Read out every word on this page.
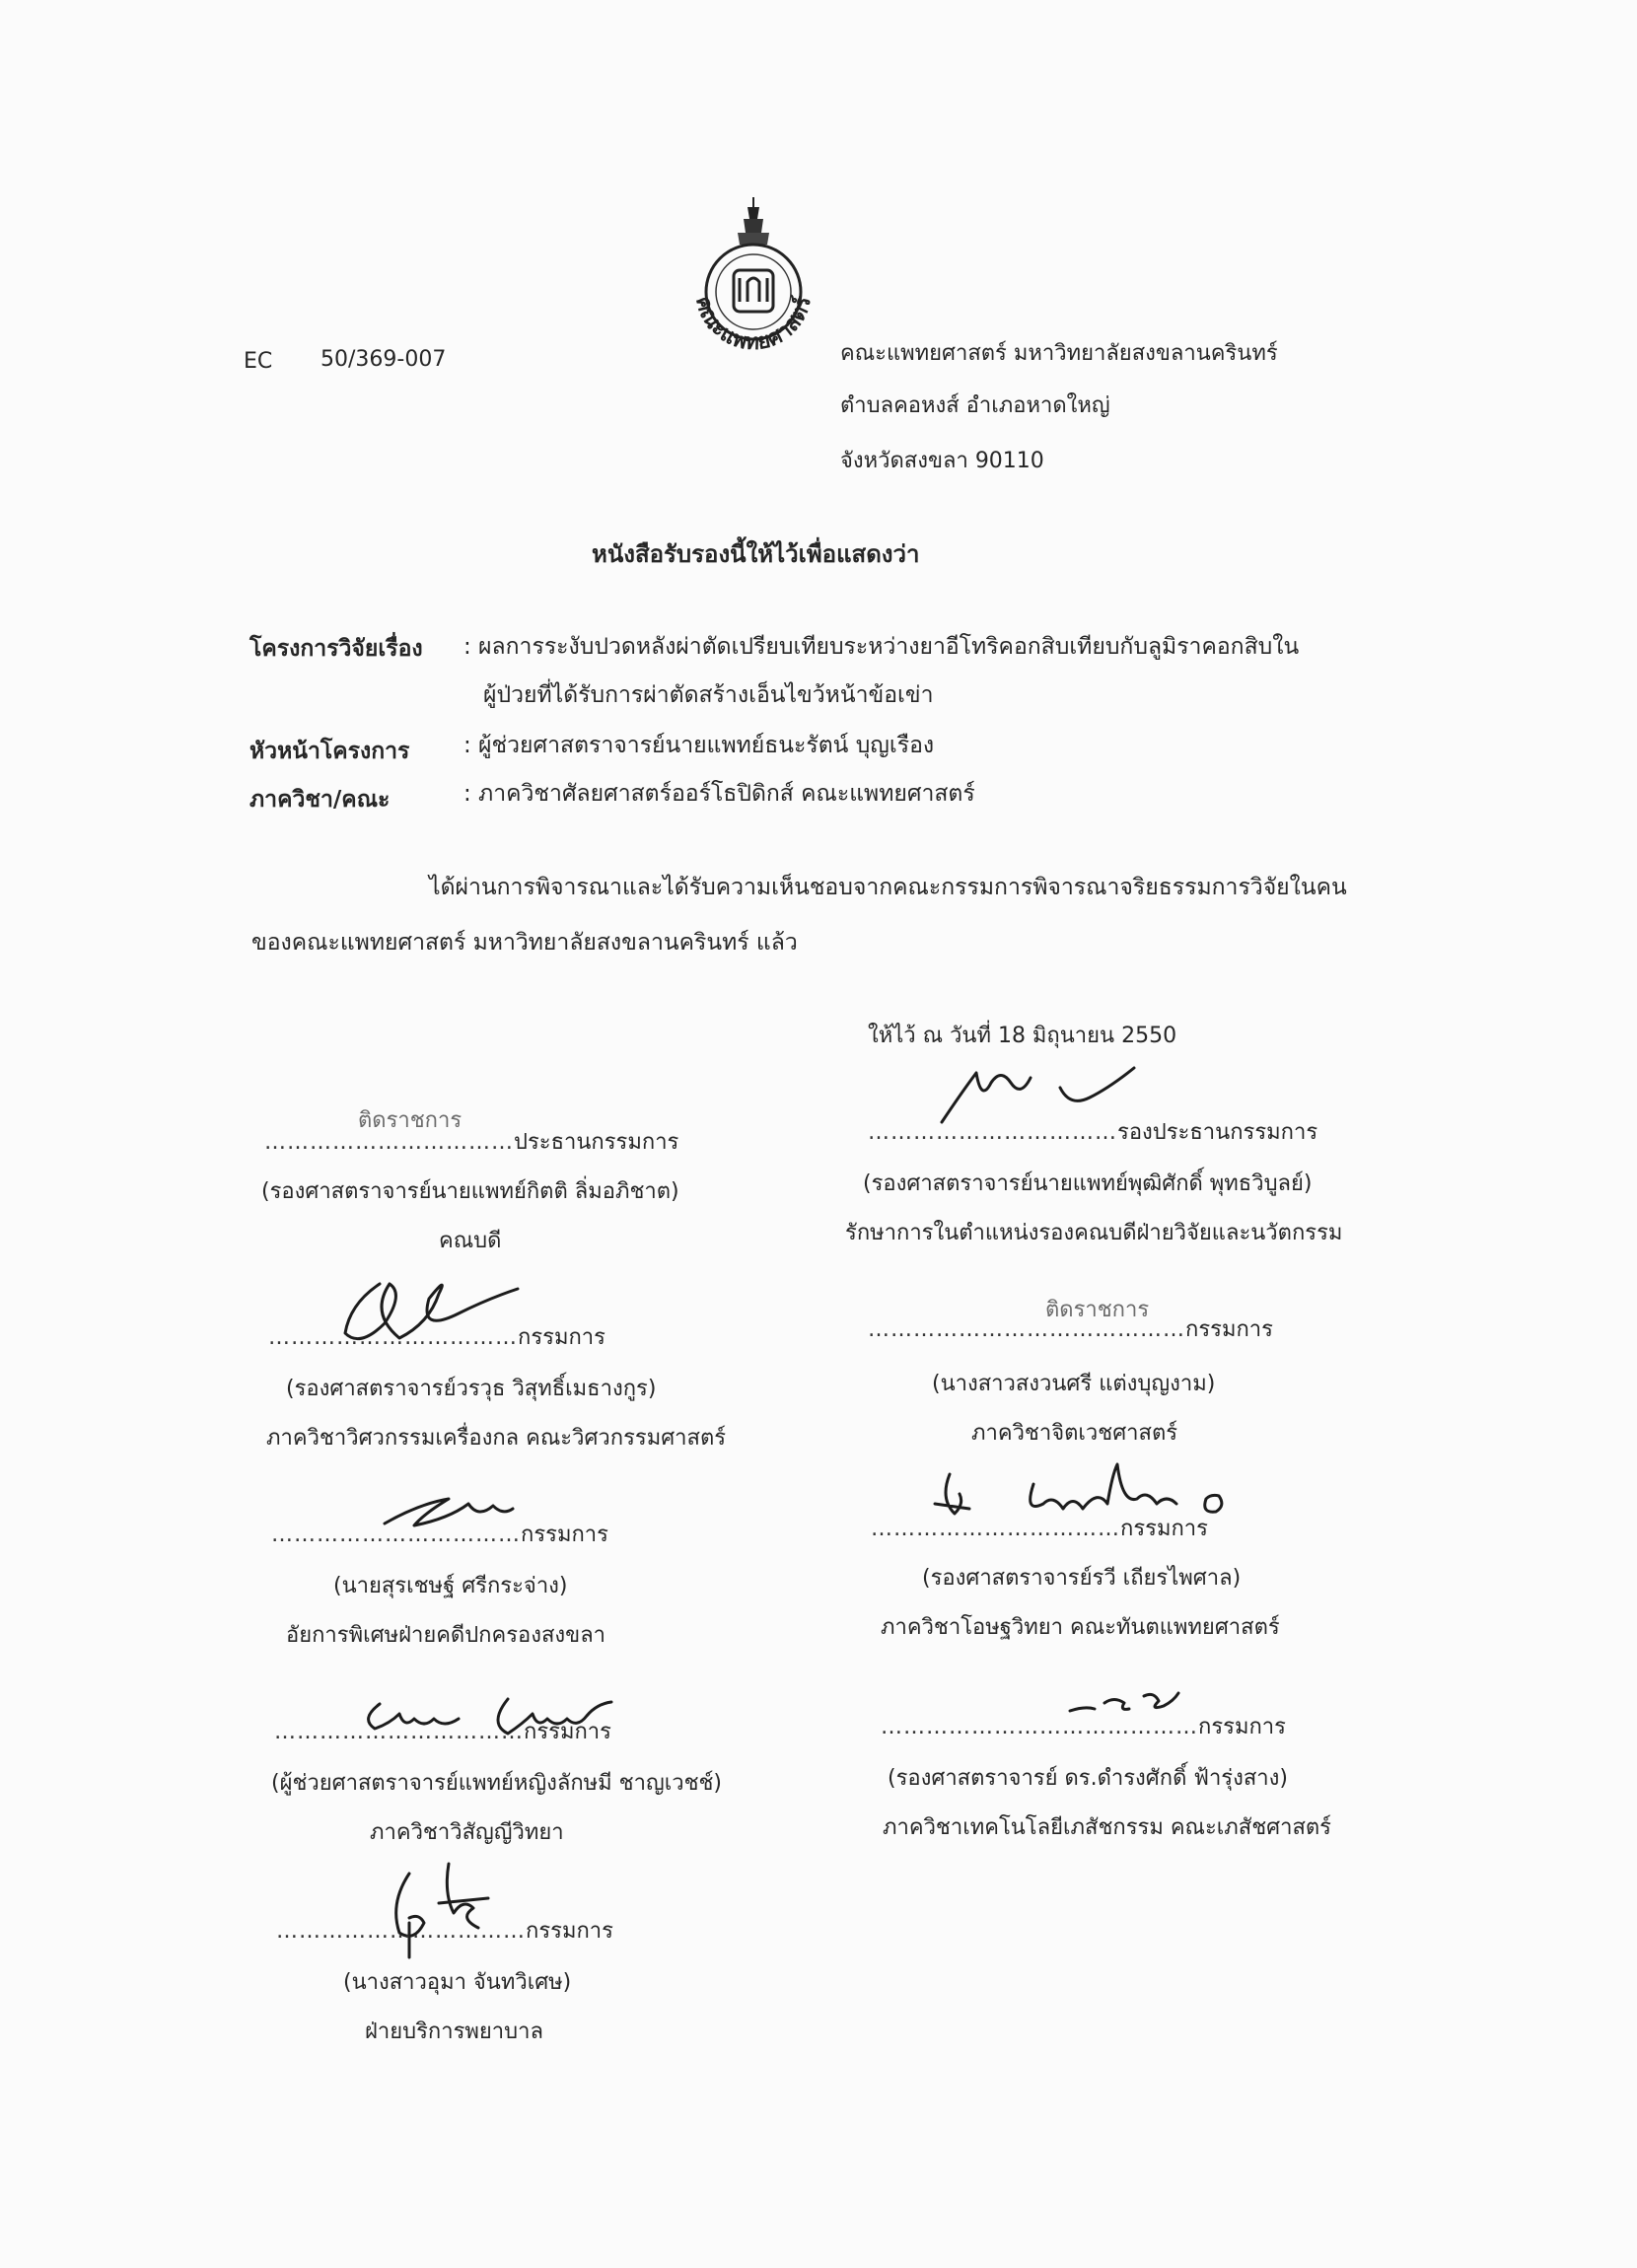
EC 50/369-007
คณะแพทยศาสตร์
คณะแพทยศาสตร์ มหาวิทยาลัยสงขลานครินทร์
ตำบลคอหงส์ อำเภอหาดใหญ่
จังหวัดสงขลา 90110
หนังสือรับรองนี้ให้ไว้เพื่อแสดงว่า
โครงการวิจัยเรื่อง : ผลการระงับปวดหลังผ่าตัดเปรียบเทียบระหว่างยาอีโทริคอกสิบเทียบกับลูมิราคอกสิบใน
ผู้ป่วยที่ได้รับการผ่าตัดสร้างเอ็นไขว้หน้าข้อเข่า
หัวหน้าโครงการ : ผู้ช่วยศาสตราจารย์นายแพทย์ธนะรัตน์ บุญเรือง
ภาควิชา/คณะ	: ภาควิชาศัลยศาสตร์ออร์โธปิดิกส์ คณะแพทยศาสตร์
ได้ผ่านการพิจารณาและได้รับความเห็นชอบจากคณะกรรมการพิจารณาจริยธรรมการวิจัยในคน
ของคณะแพทยศาสตร์ มหาวิทยาลัยสงขลานครินทร์ แล้ว
ให้ไว้ ณ วันที่ 18 มิถุนายน 2550
ติดราชการ
……………………………ประธานกรรมการ
(รองศาสตราจารย์นายแพทย์กิตติ ลิ่มอภิชาต)
คณบดี
……………………………รองประธานกรรมการ
(รองศาสตราจารย์นายแพทย์พุฒิศักดิ์ พุทธวิบูลย์)
รักษาการในตำแหน่งรองคณบดีฝ่ายวิจัยและนวัตกรรม
……………………………กรรมการ
(รองศาสตราจารย์วรวุธ วิสุทธิ์เมธางกูร)
ภาควิชาวิศวกรรมเครื่องกล คณะวิศวกรรมศาสตร์
ติดราชการ
……………………………………กรรมการ
(นางสาวสงวนศรี แต่งบุญงาม)
ภาควิชาจิตเวชศาสตร์
……………………………กรรมการ
(นายสุรเชษฐ์ ศรีกระจ่าง)
อัยการพิเศษฝ่ายคดีปกครองสงขลา
……………………………กรรมการ
(รองศาสตราจารย์รวี เถียรไพศาล)
ภาควิชาโอษฐวิทยา คณะทันตแพทยศาสตร์
……………………………กรรมการ
(ผู้ช่วยศาสตราจารย์แพทย์หญิงลักษมี ชาญเวชช์)
ภาควิชาวิสัญญีวิทยา
……………………………………กรรมการ
(รองศาสตราจารย์ ดร.ดำรงศักดิ์ ฟ้ารุ่งสาง)
ภาควิชาเทคโนโลยีเภสัชกรรม คณะเภสัชศาสตร์
……………………………กรรมการ
(นางสาวอุมา จันทวิเศษ)
ฝ่ายบริการพยาบาล
